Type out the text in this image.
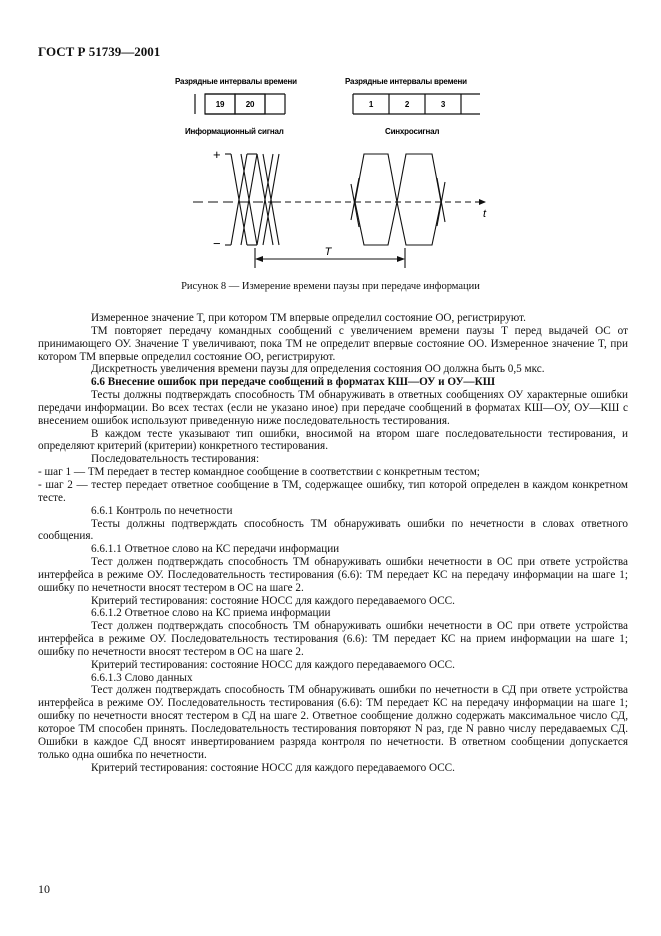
ГОСТ Р 51739—2001
Разрядные интервалы времени	Разрядные интервалы времени
19	20	1	2	3
Информационный сигнал	Синхросигнал
+
−
t
T
Рисунок 8 — Измерение времени паузы при передаче информации

Измеренное значение T, при котором ТМ впервые определил состояние ОО, регистрируют.

ТМ повторяет передачу командных сообщений с увеличением времени паузы T перед выдачей ОС от принимающего ОУ. Значение T увеличивают, пока ТМ не определит впервые состояние ОО. Измеренное значение T, при котором ТМ впервые определил состояние ОО, регистрируют.

Дискретность увеличения времени паузы для определения состояния ОО должна быть 0,5 мкс.

6.6 Внесение ошибок при передаче сообщений в форматах КШ—ОУ и ОУ—КШ

Тесты должны подтверждать способность ТМ обнаруживать в ответных сообщениях ОУ характерные ошибки передачи информации. Во всех тестах (если не указано иное) при передаче сообщений в форматах КШ—ОУ, ОУ—КШ с внесением ошибок используют приведенную ниже последовательность тестирования.

В каждом тесте указывают тип ошибки, вносимой на втором шаге последовательности тестирования, и определяют критерий (критерии) конкретного тестирования.

Последовательность тестирования:

- шаг 1 — ТМ передает в тестер командное сообщение в соответствии с конкретным тестом;

- шаг 2 — тестер передает ответное сообщение в ТМ, содержащее ошибку, тип которой определен в каждом конкретном тесте.

6.6.1 Контроль по нечетности

Тесты должны подтверждать способность ТМ обнаруживать ошибки по нечетности в словах ответного сообщения.

6.6.1.1 Ответное слово на КС передачи информации

Тест должен подтверждать способность ТМ обнаруживать ошибки нечетности в ОС при ответе устройства интерфейса в режиме ОУ. Последовательность тестирования (6.6): ТМ передает КС на передачу информации на шаге 1; ошибку по нечетности вносят тестером в ОС на шаге 2.

Критерий тестирования: состояние НОСС для каждого передаваемого ОСС.

6.6.1.2 Ответное слово на КС приема информации

Тест должен подтверждать способность ТМ обнаруживать ошибки нечетности в ОС при ответе устройства интерфейса в режиме ОУ. Последовательность тестирования (6.6): ТМ передает КС на прием информации на шаге 1; ошибку по нечетности вносят тестером в ОС на шаге 2.

Критерий тестирования: состояние НОСС для каждого передаваемого ОСС.

6.6.1.3 Слово данных

Тест должен подтверждать способность ТМ обнаруживать ошибки по нечетности в СД при ответе устройства интерфейса в режиме ОУ. Последовательность тестирования (6.6): ТМ передает КС на передачу информации на шаге 1; ошибку по нечетности вносят тестером в СД на шаге 2. Ответное сообщение должно содержать максимальное число СД, которое ТМ способен принять. Последовательность тестирования повторяют N раз, где N равно числу передаваемых СД. Ошибки в каждое СД вносят инвертированием разряда контроля по нечетности. В ответном сообщении допускается только одна ошибка по нечетности.

Критерий тестирования: состояние НОСС для каждого передаваемого ОСС.

10
